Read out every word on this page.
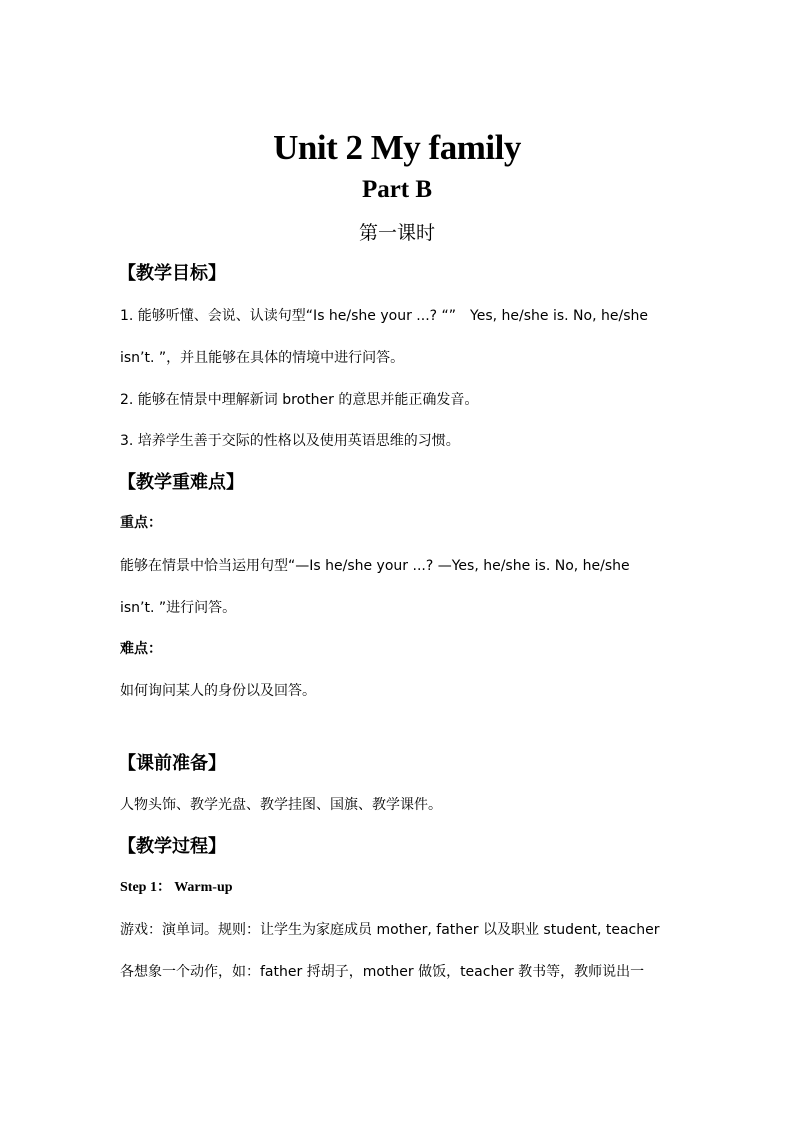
Unit 2 My family
Part B
第一课时
【教学目标】
1. 能够听懂、会说、认读句型“Is he/she your ...? “”　Yes, he/she is. No, he/she
isn’t. ”，并且能够在具体的情境中进行问答。
2. 能够在情景中理解新词 brother 的意思并能正确发音。
3. 培养学生善于交际的性格以及使用英语思维的习惯。
【教学重难点】
重点：
能够在情景中恰当运用句型“—Is he/she your ...? —Yes, he/she is. No, he/she
isn’t. ”进行问答。
难点：
如何询问某人的身份以及回答。
【课前准备】
人物头饰、教学光盘、教学挂图、国旗、教学课件。
【教学过程】
Step 1： Warm-up
游戏：演单词。规则：让学生为家庭成员 mother, father 以及职业 student, teacher
各想象一个动作，如：father 捋胡子，mother 做饭，teacher 教书等，教师说出一
